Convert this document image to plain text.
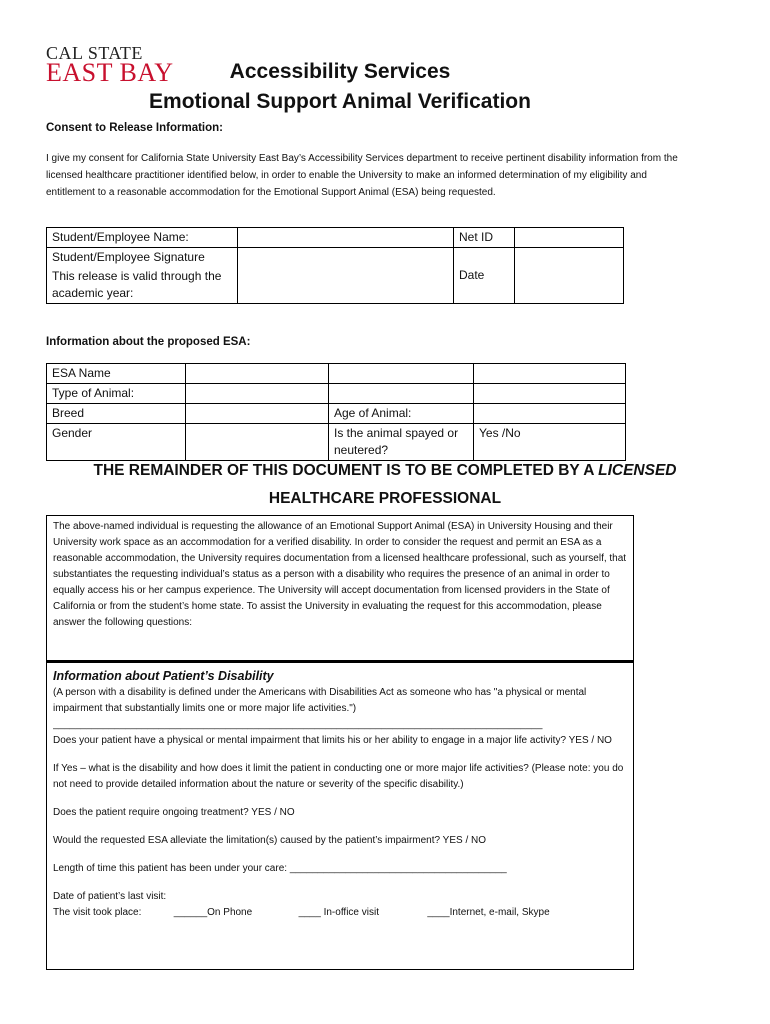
CAL STATE
EAST BAY	Accessibility Services
Emotional Support Animal Verification
Consent to Release Information:
I give my consent for California State University East Bay’s Accessibility Services department to receive pertinent disability information from the licensed healthcare practitioner identified below, in order to enable the University to make an informed determination of my eligibility and entitlement to a reasonable accommodation for the Emotional Support Animal (ESA) being requested.
Student/Employee Name:		Net ID	
Student/Employee Signature		Date	
This release is valid through the academic year:			
Information about the proposed ESA:
ESA Name			
Type of Animal:			
Breed		Age of Animal:	
Gender		Is the animal spayed or neutered?	Yes /No
THE REMAINDER OF THIS DOCUMENT IS TO BE COMPLETED BY A LICENSED
HEALTHCARE PROFESSIONAL
The above-named individual is requesting the allowance of an Emotional Support Animal (ESA) in University Housing and their University work space as an accommodation for a verified disability. In order to consider the request and permit an ESA as a reasonable accommodation, the University requires documentation from a licensed healthcare professional, such as yourself, that substantiates the requesting individual’s status as a person with a disability who requires the presence of an animal in order to equally access his or her campus experience. The University will accept documentation from licensed providers in the State of California or from the student’s home state. To assist the University in evaluating the request for this accommodation, please answer the following questions:
Information about Patient’s Disability

(A person with a disability is defined under the Americans with Disabilities Act as someone who has "a physical or mental impairment that substantially limits one or more major life activities.")

________________________________________________________________________________________

Does your patient have a physical or mental impairment that limits his or her ability to engage in a major life activity? YES / NO

If Yes – what is the disability and how does it limit the patient in conducting one or more major life activities? (Please note: you do not need to provide detailed information about the nature or severity of the specific disability.)

Does the patient require ongoing treatment? YES / NO

Would the requested ESA alleviate the limitation(s) caused by the patient’s impairment? YES / NO

Length of time this patient has been under your care: _______________________________________

Date of patient’s last visit:

The visit took place:	______On Phone	____ In-office visit	____Internet, e-mail, Skype
